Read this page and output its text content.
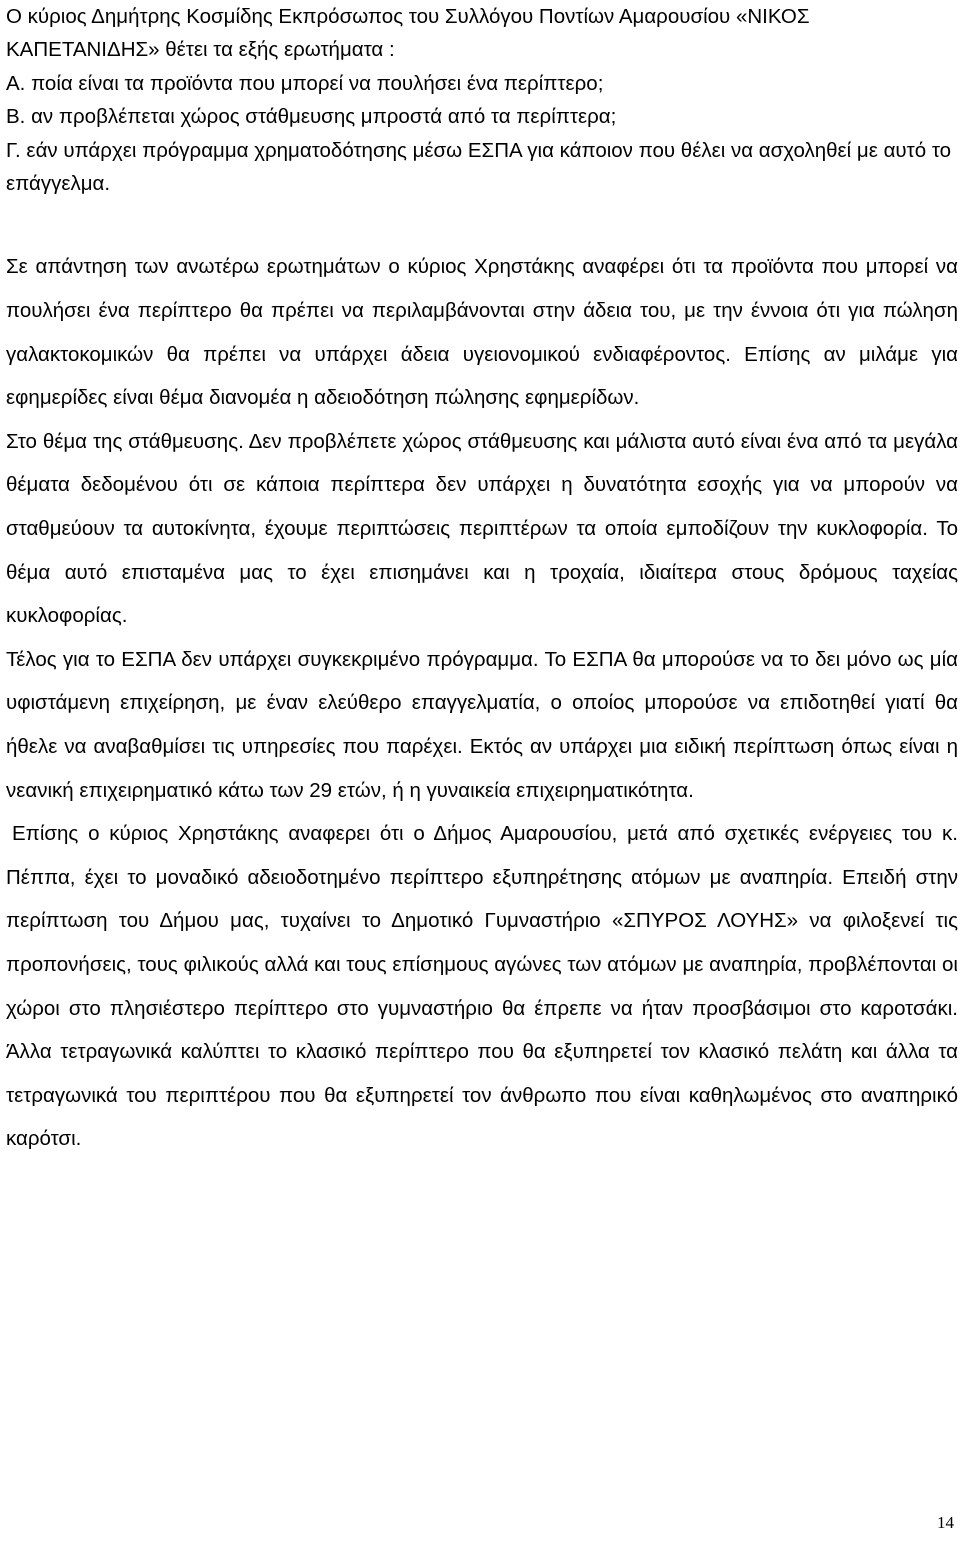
Ο κύριος Δημήτρης Κοσμίδης Εκπρόσωπος του Συλλόγου Ποντίων Αμαρουσίου «ΝΙΚΟΣ ΚΑΠΕΤΑΝΙΔΗΣ» θέτει τα εξής ερωτήματα :

Α. ποία είναι τα προϊόντα που μπορεί να πουλήσει ένα περίπτερο;

Β. αν προβλέπεται χώρος στάθμευσης μπροστά από τα περίπτερα;

Γ. εάν υπάρχει πρόγραμμα χρηματοδότησης μέσω ΕΣΠΑ για κάποιον που θέλει να ασχοληθεί με αυτό το επάγγελμα.

Σε απάντηση των ανωτέρω ερωτημάτων ο κύριος Χρηστάκης αναφέρει ότι τα προϊόντα που μπορεί να πουλήσει ένα περίπτερο θα πρέπει να περιλαμβάνονται στην άδεια του, με την έννοια ότι για πώληση γαλακτοκομικών θα πρέπει να υπάρχει άδεια υγειονομικού ενδιαφέροντος. Επίσης αν μιλάμε για εφημερίδες είναι θέμα διανομέα η αδειοδότηση πώλησης εφημερίδων.

Στο θέμα της στάθμευσης. Δεν προβλέπετε χώρος στάθμευσης και μάλιστα αυτό είναι ένα από τα μεγάλα θέματα δεδομένου ότι σε κάποια περίπτερα δεν υπάρχει η δυνατότητα εσοχής για να μπορούν να σταθμεύουν τα αυτοκίνητα, έχουμε περιπτώσεις περιπτέρων τα οποία εμποδίζουν την κυκλοφορία. Το θέμα αυτό επισταμένα μας το έχει επισημάνει και η τροχαία, ιδιαίτερα στους δρόμους ταχείας κυκλοφορίας.

Τέλος για το ΕΣΠΑ δεν υπάρχει συγκεκριμένο πρόγραμμα. Το ΕΣΠΑ θα μπορούσε να το δει μόνο ως μία υφιστάμενη επιχείρηση, με έναν ελεύθερο επαγγελματία, ο οποίος μπορούσε να επιδοτηθεί γιατί θα ήθελε να αναβαθμίσει τις υπηρεσίες που παρέχει. Εκτός αν υπάρχει μια ειδική περίπτωση όπως είναι η νεανική επιχειρηματικό κάτω των 29 ετών, ή η γυναικεία επιχειρηματικότητα.

Επίσης ο κύριος Χρηστάκης αναφερει ότι ο Δήμος Αμαρουσίου, μετά από σχετικές ενέργειες του κ. Πέππα, έχει το μοναδικό αδειοδοτημένο περίπτερο εξυπηρέτησης ατόμων με αναπηρία. Επειδή στην περίπτωση του Δήμου μας, τυχαίνει το Δημοτικό Γυμναστήριο «ΣΠΥΡΟΣ ΛΟΥΗΣ» να φιλοξενεί τις προπονήσεις, τους φιλικούς αλλά και τους επίσημους αγώνες των ατόμων με αναπηρία, προβλέπονται οι χώροι στο πλησιέστερο περίπτερο στο γυμναστήριο θα έπρεπε να ήταν προσβάσιμοι στο καροτσάκι. Άλλα τετραγωνικά καλύπτει το κλασικό περίπτερο που θα εξυπηρετεί τον κλασικό πελάτη και άλλα τα τετραγωνικά του περιπτέρου που θα εξυπηρετεί τον άνθρωπο που είναι καθηλωμένος στο αναπηρικό καρότσι.

14
